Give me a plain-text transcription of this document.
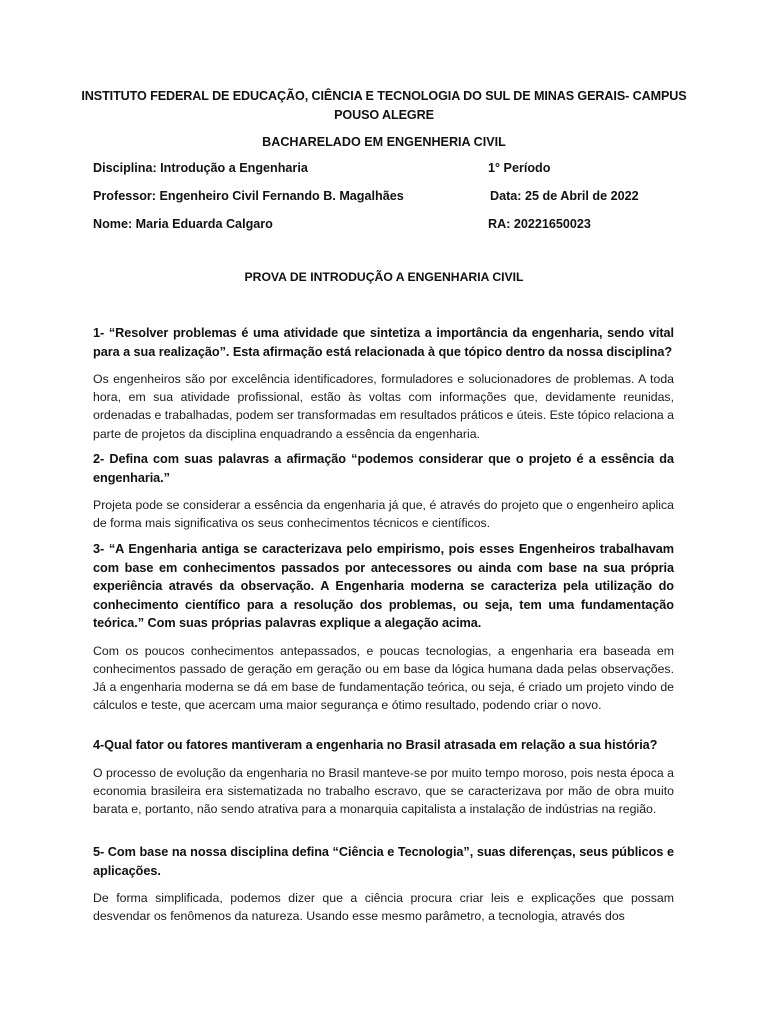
INSTITUTO FEDERAL DE EDUCAÇÃO, CIÊNCIA E TECNOLOGIA DO SUL DE MINAS GERAIS- CAMPUS POUSO ALEGRE
BACHARELADO EM ENGENHERIA CIVIL
Disciplina: Introdução a Engenharia	1° Período
Professor: Engenheiro Civil Fernando B. Magalhães	Data: 25 de Abril de 2022
Nome: Maria Eduarda Calgaro	RA: 20221650023
PROVA DE INTRODUÇÃO A ENGENHARIA CIVIL

1- “Resolver problemas é uma atividade que sintetiza a importância da engenharia, sendo vital para a sua realização”. Esta afirmação está relacionada à que tópico dentro da nossa disciplina?

Os engenheiros são por excelência identificadores, formuladores e solucionadores de problemas. A toda hora, em sua atividade profissional, estão às voltas com informações que, devidamente reunidas, ordenadas e trabalhadas, podem ser transformadas em resultados práticos e úteis. Este tópico relaciona a parte de projetos da disciplina enquadrando a essência da engenharia.

2- Defina com suas palavras a afirmação “podemos considerar que o projeto é a essência da engenharia.”

Projeta pode se considerar a essência da engenharia já que, é através do projeto que o engenheiro aplica de forma mais significativa os seus conhecimentos técnicos e científicos.

3- “A Engenharia antiga se caracterizava pelo empirismo, pois esses Engenheiros trabalhavam com base em conhecimentos passados por antecessores ou ainda com base na sua própria experiência através da observação. A Engenharia moderna se caracteriza pela utilização do conhecimento científico para a resolução dos problemas, ou seja, tem uma fundamentação teórica.” Com suas próprias palavras explique a alegação acima.

Com os poucos conhecimentos antepassados, e poucas tecnologias, a engenharia era baseada em conhecimentos passado de geração em geração ou em base da lógica humana dada pelas observações. Já a engenharia moderna se dá em base de fundamentação teórica, ou seja, é criado um projeto vindo de cálculos e teste, que acercam uma maior segurança e ótimo resultado, podendo criar o novo.

4-Qual fator ou fatores mantiveram a engenharia no Brasil atrasada em relação a sua história?

O processo de evolução da engenharia no Brasil manteve-se por muito tempo moroso, pois nesta época a economia brasileira era sistematizada no trabalho escravo, que se caracterizava por mão de obra muito barata e, portanto, não sendo atrativa para a monarquia capitalista a instalação de indústrias na região.

5- Com base na nossa disciplina defina “Ciência e Tecnologia”, suas diferenças, seus públicos e aplicações.

De forma simplificada, podemos dizer que a ciência procura criar leis e explicações que possam desvendar os fenômenos da natureza. Usando esse mesmo parâmetro, a tecnologia, através dos
